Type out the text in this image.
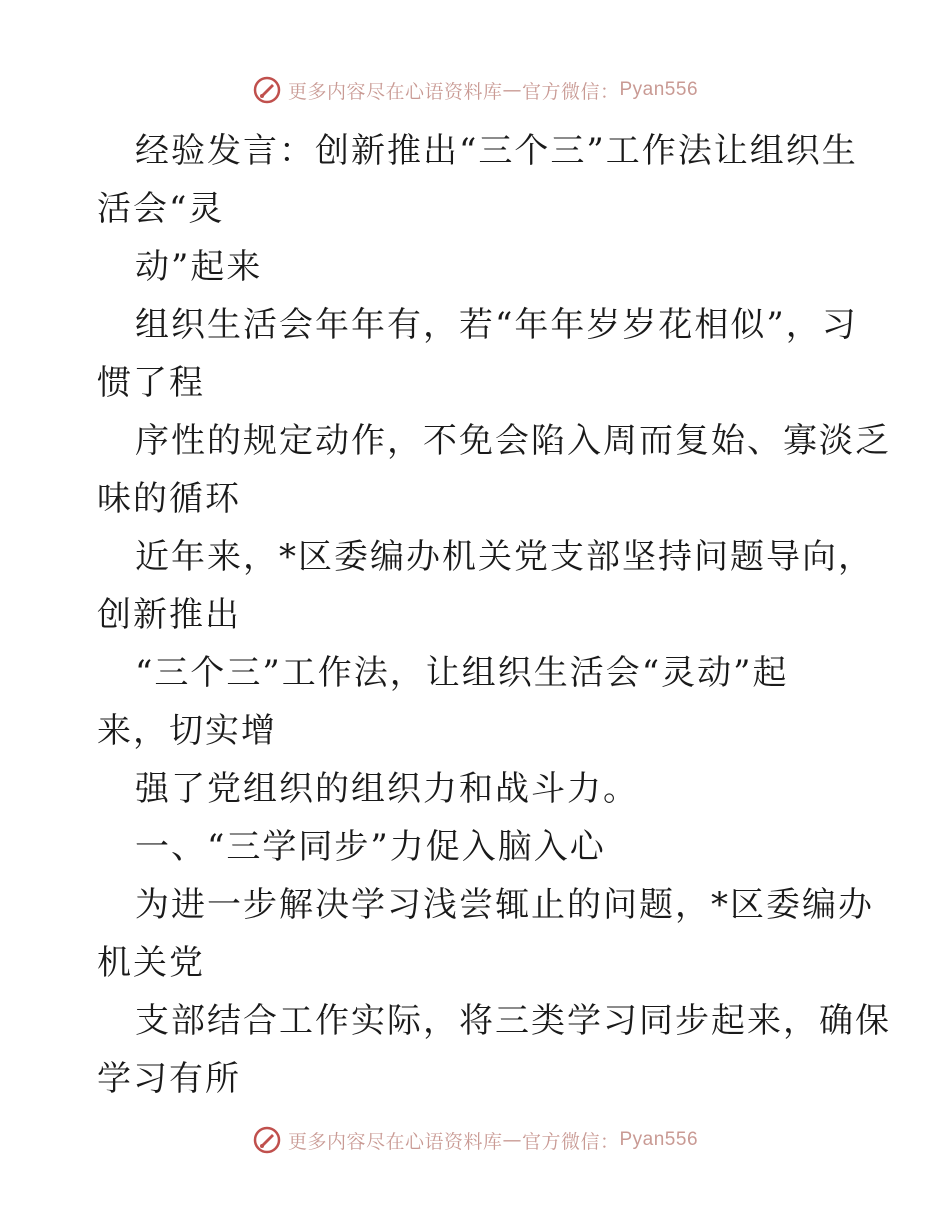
更多内容尽在心语资料库 — 官方微信： Pyan556

经验发言：创新推出“三个三”工作法让组织生

活会“灵

动”起来

组织生活会年年有，若“年年岁岁花相似”，习

惯了程

序性的规定动作，不免会陷入周而复始、寡淡乏

味的循环

近年来，*区委编办机关党支部坚持问题导向，

创新推出

“三个三”工作法，让组织生活会“灵动”起

来，切实增

强了党组织的组织力和战斗力。

一、“三学同步”力促入脑入心

为进一步解决学习浅尝辄止的问题，*区委编办

机关党

支部结合工作实际，将三类学习同步起来，确保

学习有所

更多内容尽在心语资料库 — 官方微信： Pyan556
